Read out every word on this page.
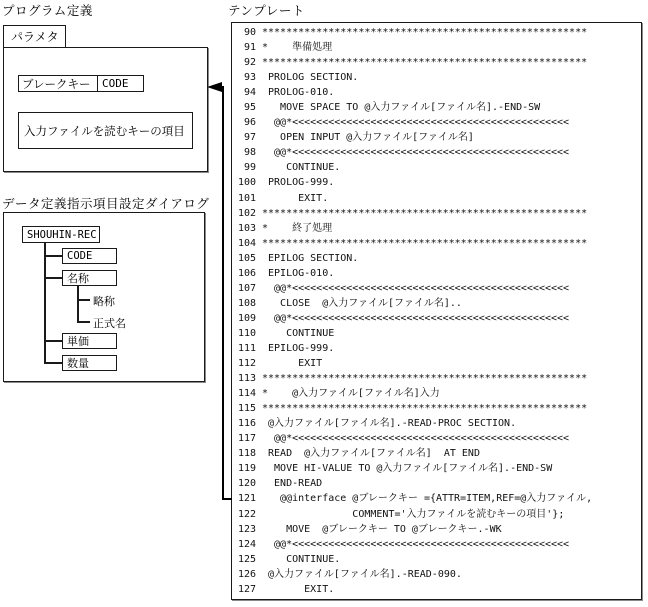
プログラム定義
パラメタ
ブレークキー	CODE
入力ファイルを読むキーの項目
データ定義指示項目設定ダイアログ
SHOUHIN-REC
CODE
名称
略称
正式名
単価
数量
テンプレート
90 ******************************************************
91 *    準備処理
92 ******************************************************
93 PROLOG SECTION.
94 PROLOG-010.
95   MOVE SPACE TO @入力ファイル[ファイル名].-END-SW
96  @@*<<<<<<<<<<<<<<<<<<<<<<<<<<<<<<<<<<<<<<<<<<<<<<
97   OPEN INPUT @入力ファイル[ファイル名]
98  @@*<<<<<<<<<<<<<<<<<<<<<<<<<<<<<<<<<<<<<<<<<<<<<<
99    CONTINUE.
100 PROLOG-999.
101      EXIT.
102 ******************************************************
103 *    終了処理
104 ******************************************************
105 EPILOG SECTION.
106 EPILOG-010.
107  @@*<<<<<<<<<<<<<<<<<<<<<<<<<<<<<<<<<<<<<<<<<<<<<<
108   CLOSE  @入力ファイル[ファイル名]..
109  @@*<<<<<<<<<<<<<<<<<<<<<<<<<<<<<<<<<<<<<<<<<<<<<<
110    CONTINUE
111 EPILOG-999.
112      EXIT
113 ******************************************************
114 *    @入力ファイル[ファイル名]入力
115 ******************************************************
116 @入力ファイル[ファイル名].-READ-PROC SECTION.
117  @@*<<<<<<<<<<<<<<<<<<<<<<<<<<<<<<<<<<<<<<<<<<<<<<
118 READ  @入力ファイル[ファイル名]  AT END
119  MOVE HI-VALUE TO @入力ファイル[ファイル名].-END-SW
120  END-READ
121   @@interface @ブレークキー ={ATTR=ITEM,REF=@入力ファイル,
122               COMMENT='入力ファイルを読むキーの項目'};
123    MOVE  @ブレークキー TO @ブレークキー.-WK
124  @@*<<<<<<<<<<<<<<<<<<<<<<<<<<<<<<<<<<<<<<<<<<<<<<
125    CONTINUE.
126 @入力ファイル[ファイル名].-READ-090.
127       EXIT.
